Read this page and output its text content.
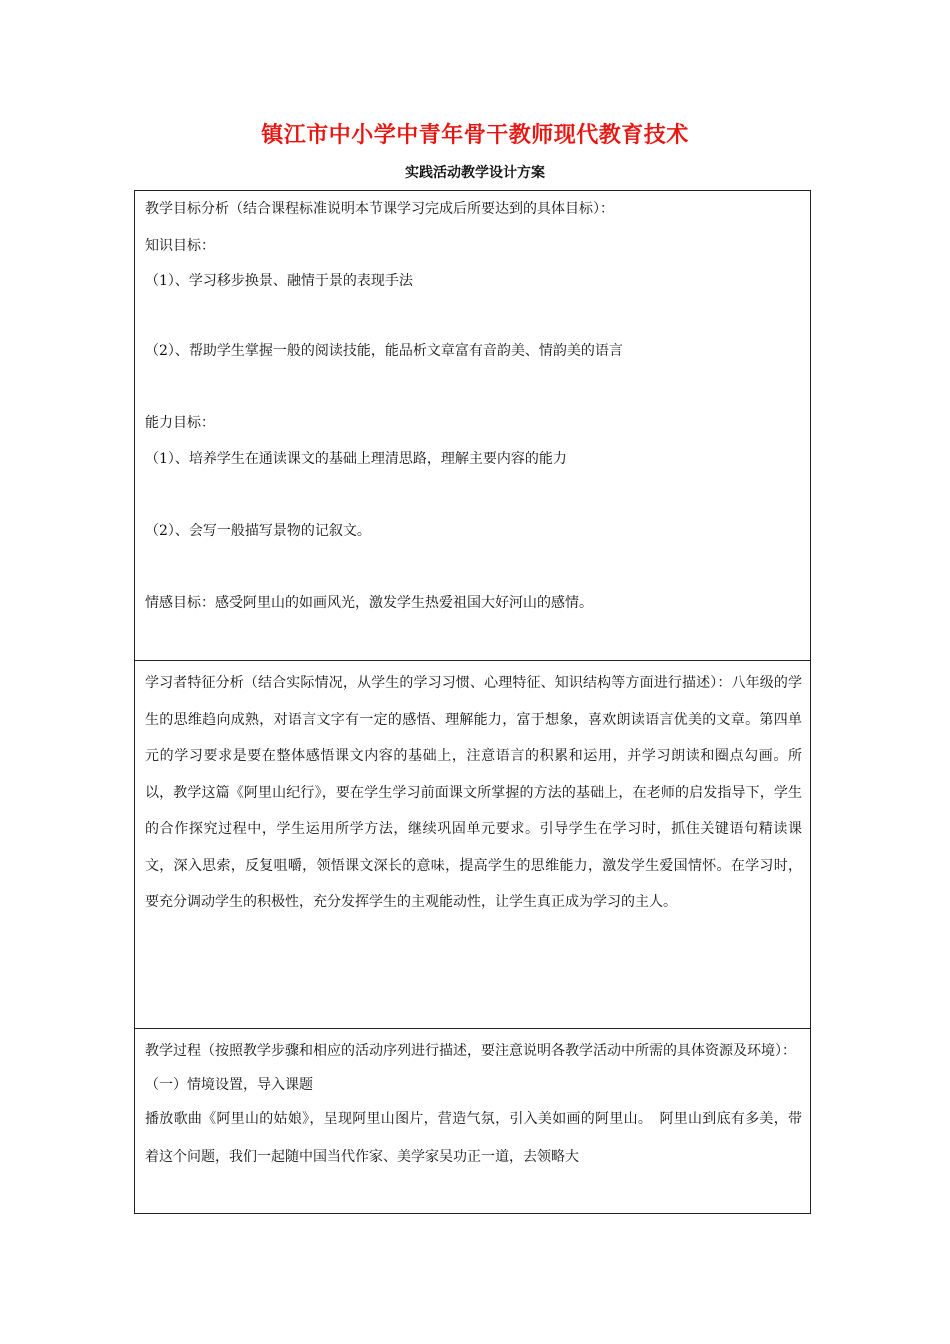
镇江市中小学中青年骨干教师现代教育技术
实践活动教学设计方案
教学目标分析（结合课程标准说明本节课学习完成后所要达到的具体目标）：
知识目标：
（1）、学习移步换景、融情于景的表现手法
（2）、帮助学生掌握一般的阅读技能，能品析文章富有音韵美、情韵美的语言
能力目标：
（1）、培养学生在通读课文的基础上理清思路，理解主要内容的能力
（2）、会写一般描写景物的记叙文。
情感目标：感受阿里山的如画风光，激发学生热爱祖国大好河山的感情。

学习者特征分析（结合实际情况，从学生的学习习惯、心理特征、知识结构等方面进行描述）：八年级的学生的思维趋向成熟，对语言文字有一定的感悟、理解能力，富于想象，喜欢朗读语言优美的文章。第四单元的学习要求是要在整体感悟课文内容的基础上，注意语言的积累和运用，并学习朗读和圈点勾画。所以，教学这篇《阿里山纪行》，要在学生学习前面课文所掌握的方法的基础上，在老师的启发指导下，学生的合作探究过程中，学生运用所学方法，继续巩固单元要求。引导学生在学习时，抓住关键语句精读课文，深入思索，反复咀嚼，领悟课文深长的意味，提高学生的思维能力，激发学生爱国情怀。在学习时，要充分调动学生的积极性，充分发挥学生的主观能动性，让学生真正成为学习的主人。

教学过程（按照教学步骤和相应的活动序列进行描述，要注意说明各教学活动中所需的具体资源及环境）：

（一）情境设置，导入课题

播放歌曲《阿里山的姑娘》，呈现阿里山图片，营造气氛，引入美如画的阿里山。　阿里山到底有多美，带着这个问题，我们一起随中国当代作家、美学家吴功正一道，去领略大
